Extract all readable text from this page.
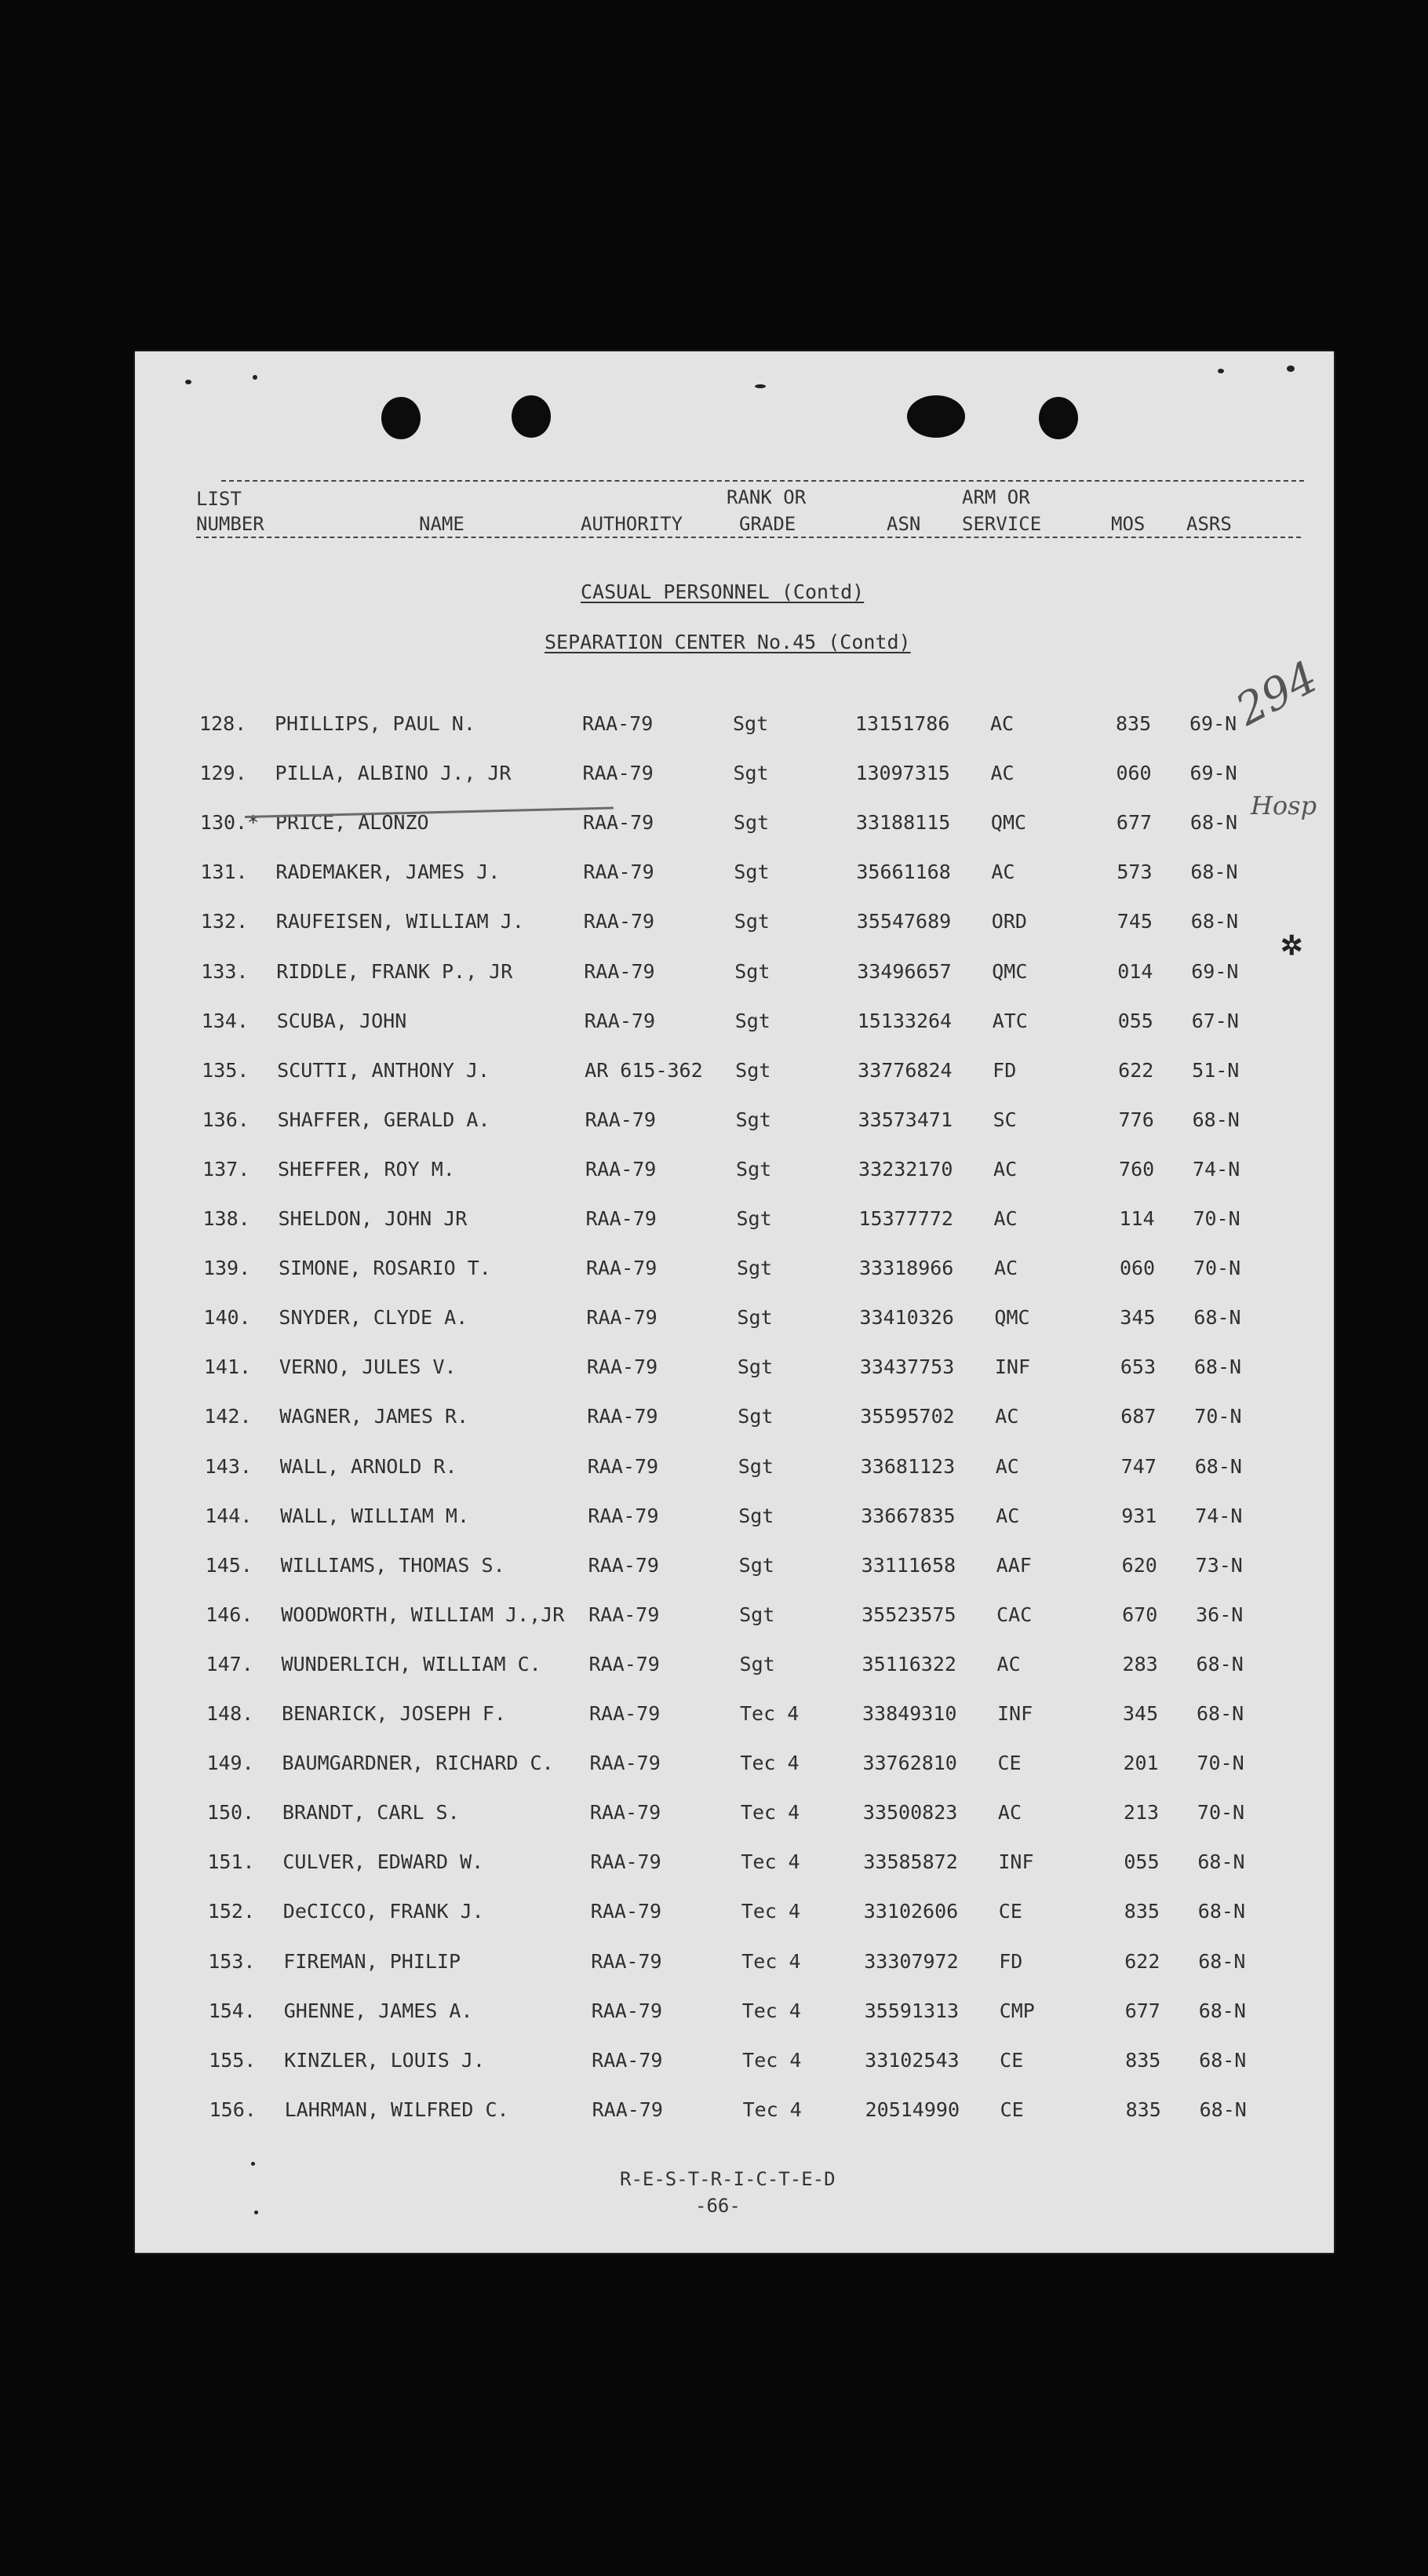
LIST
NUMBER	NAME	AUTHORITY
RANK OR
GRADE	ASN
ARM OR
SERVICE	MOS ASRS
CASUAL PERSONNEL (Contd)
SEPARATION CENTER No.45 (Contd)
128. PHILLIPS, PAUL N.	RAA-79	Sgt	13151786 AC	835 69-N
129. PILLA, ALBINO J., JR	RAA-79	Sgt	13097315 AC	060 69-N
130.* PRICE, ALONZO	RAA-79	Sgt	33188115 QMC	677 68-N
131. RADEMAKER, JAMES J.	RAA-79	Sgt	35661168 AC	573 68-N
132. RAUFEISEN, WILLIAM J.	RAA-79	Sgt	35547689 ORD	745 68-N
133. RIDDLE, FRANK P., JR	RAA-79	Sgt	33496657 QMC	014 69-N
134. SCUBA, JOHN	RAA-79	Sgt	15133264 ATC	055 67-N
135. SCUTTI, ANTHONY J.	AR 615-362 Sgt	33776824 FD	622 51-N
136. SHAFFER, GERALD A.	RAA-79	Sgt	33573471 SC	776 68-N
137. SHEFFER, ROY M.	RAA-79	Sgt	33232170 AC	760 74-N
138. SHELDON, JOHN JR	RAA-79	Sgt	15377772 AC	114 70-N
139. SIMONE, ROSARIO T.	RAA-79	Sgt	33318966 AC	060 70-N
140. SNYDER, CLYDE A.	RAA-79	Sgt	33410326 QMC	345 68-N
141. VERNO, JULES V.	RAA-79	Sgt	33437753 INF	653 68-N
142. WAGNER, JAMES R.	RAA-79	Sgt	35595702 AC	687 70-N
143. WALL, ARNOLD R.	RAA-79	Sgt	33681123 AC	747 68-N
144. WALL, WILLIAM M.	RAA-79	Sgt	33667835 AC	931 74-N
145. WILLIAMS, THOMAS S.	RAA-79	Sgt	33111658 AAF	620 73-N
146. WOODWORTH, WILLIAM J.,JR RAA-79	Sgt	35523575 CAC	670 36-N
147. WUNDERLICH, WILLIAM C. RAA-79	Sgt	35116322 AC	283 68-N
148. BENARICK, JOSEPH F.	RAA-79	Tec 4	33849310 INF	345 68-N
149. BAUMGARDNER, RICHARD C. RAA-79	Tec 4	33762810 CE	201 70-N
150. BRANDT, CARL S.	RAA-79	Tec 4	33500823 AC	213 70-N
151. CULVER, EDWARD W.	RAA-79	Tec 4	33585872 INF	055 68-N
152. DeCICCO, FRANK J.	RAA-79	Tec 4	33102606 CE	835 68-N
153. FIREMAN, PHILIP	RAA-79	Tec 4	33307972 FD	622 68-N
154. GHENNE, JAMES A.	RAA-79	Tec 4	35591313 CMP	677 68-N
155. KINZLER, LOUIS J.	RAA-79	Tec 4	33102543 CE	835 68-N
156. LAHRMAN, WILFRED C.	RAA-79	Tec 4	20514990 CE	835 68-N
294
Hosp
✲
R-E-S-T-R-I-C-T-E-D
-66-
